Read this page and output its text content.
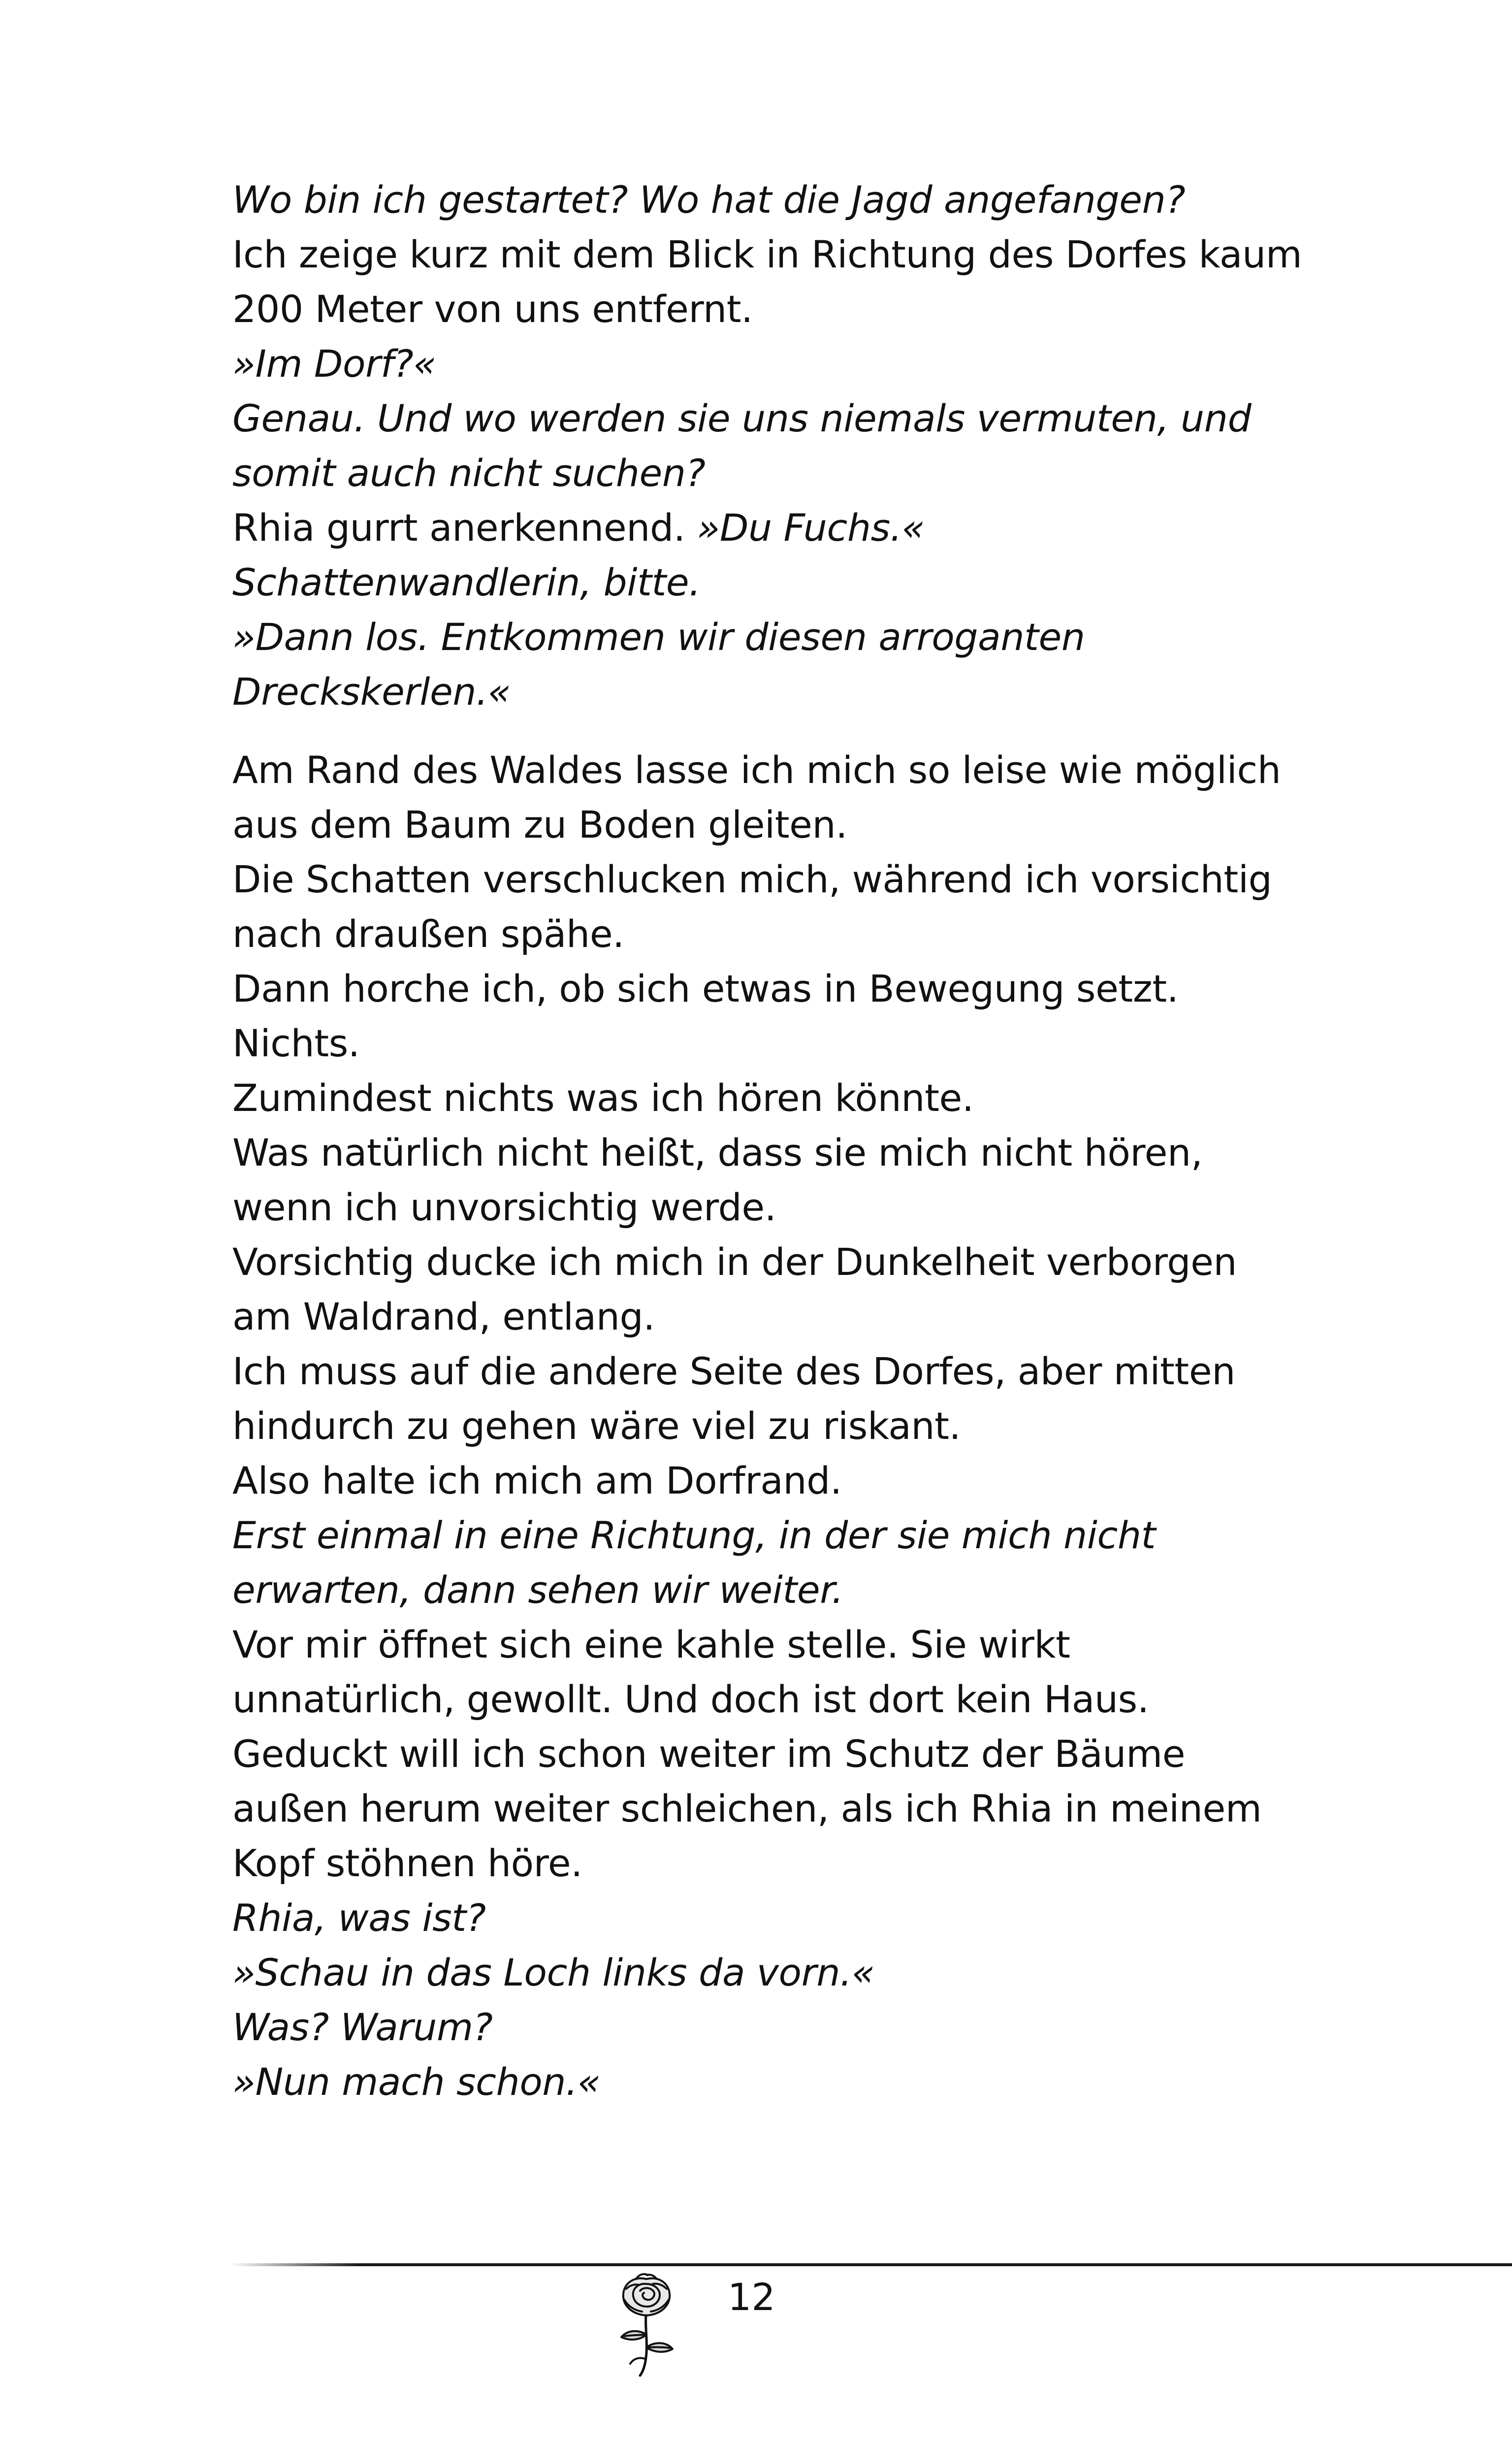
Wo bin ich gestartet? Wo hat die Jagd angefangen?
Ich zeige kurz mit dem Blick in Richtung des Dorfes kaum
200 Meter von uns entfernt.
»Im Dorf?«
Genau. Und wo werden sie uns niemals vermuten, und
somit auch nicht suchen?
Rhia gurrt anerkennend. »Du Fuchs.«
Schattenwandlerin, bitte.
»Dann los. Entkommen wir diesen arroganten
Dreckskerlen.«
Am Rand des Waldes lasse ich mich so leise wie möglich
aus dem Baum zu Boden gleiten.
Die Schatten verschlucken mich, während ich vorsichtig
nach draußen spähe.
Dann horche ich, ob sich etwas in Bewegung setzt.
Nichts.
Zumindest nichts was ich hören könnte.
Was natürlich nicht heißt, dass sie mich nicht hören,
wenn ich unvorsichtig werde.
Vorsichtig ducke ich mich in der Dunkelheit verborgen
am Waldrand, entlang.
Ich muss auf die andere Seite des Dorfes, aber mitten
hindurch zu gehen wäre viel zu riskant.
Also halte ich mich am Dorfrand.
Erst einmal in eine Richtung, in der sie mich nicht
erwarten, dann sehen wir weiter.
Vor mir öffnet sich eine kahle stelle. Sie wirkt
unnatürlich, gewollt. Und doch ist dort kein Haus.
Geduckt will ich schon weiter im Schutz der Bäume
außen herum weiter schleichen, als ich Rhia in meinem
Kopf stöhnen höre.
Rhia, was ist?
»Schau in das Loch links da vorn.«
Was? Warum?
»Nun mach schon.«
12
